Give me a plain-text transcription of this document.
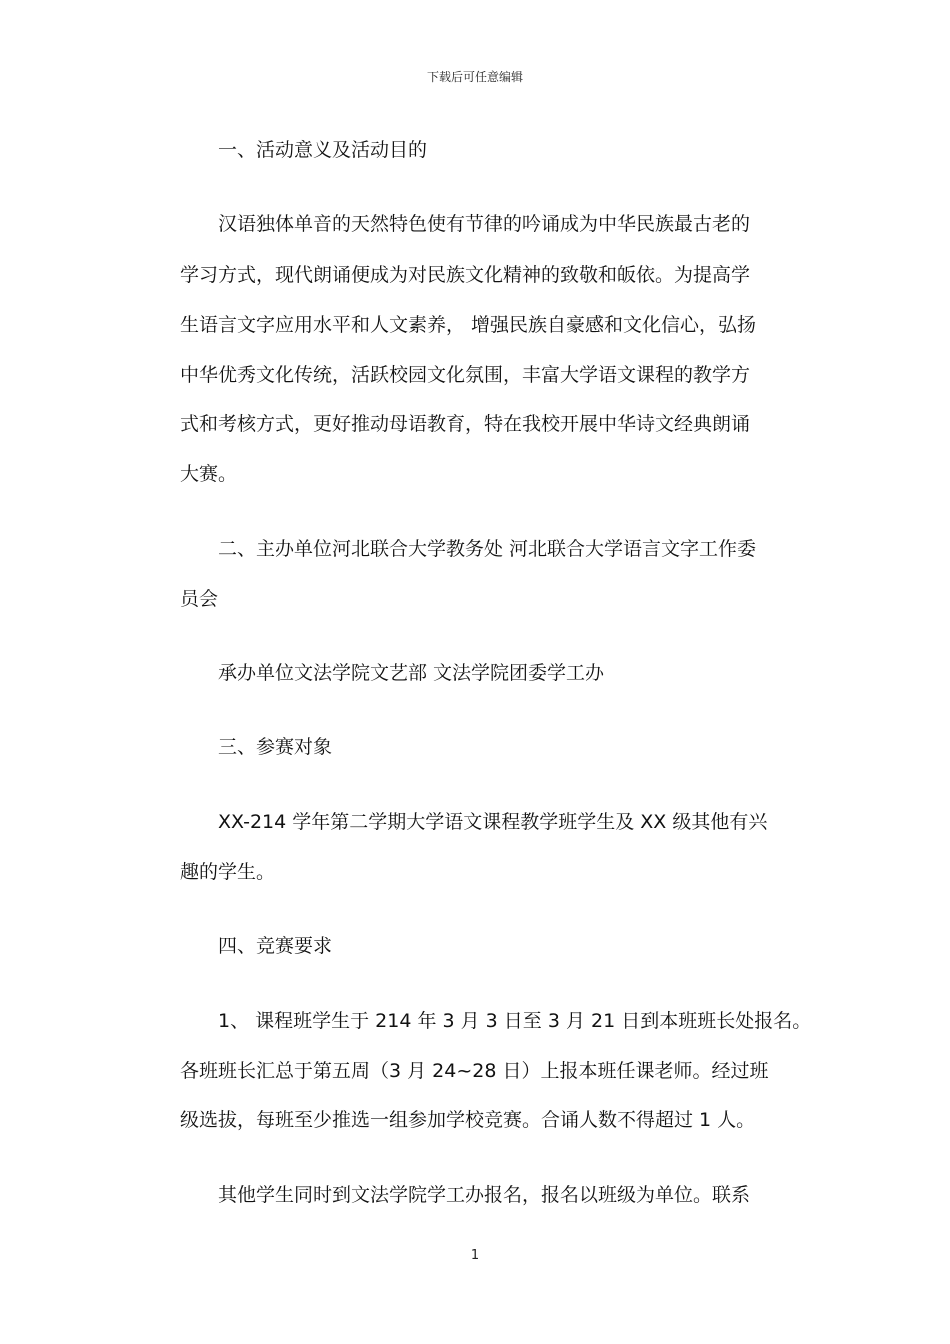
下载后可任意编辑
一、活动意义及活动目的
汉语独体单音的天然特色使有节律的吟诵成为中华民族最古老的
学习方式，现代朗诵便成为对民族文化精神的致敬和皈依。为提高学
生语言文字应用水平和人文素养， 增强民族自豪感和文化信心，弘扬
中华优秀文化传统，活跃校园文化氛围，丰富大学语文课程的教学方
式和考核方式，更好推动母语教育，特在我校开展中华诗文经典朗诵
大赛。
二、主办单位河北联合大学教务处 河北联合大学语言文字工作委
员会
承办单位文法学院文艺部 文法学院团委学工办
三、参赛对象
XX-214 学年第二学期大学语文课程教学班学生及 XX 级其他有兴
趣的学生。
四、竞赛要求
1、 课程班学生于 214 年 3 月 3 日至 3 月 21 日到本班班长处报名。
各班班长汇总于第五周（3 月 24~28 日）上报本班任课老师。经过班
级选拔，每班至少推选一组参加学校竞赛。合诵人数不得超过 1 人。
其他学生同时到文法学院学工办报名，报名以班级为单位。联系
1
